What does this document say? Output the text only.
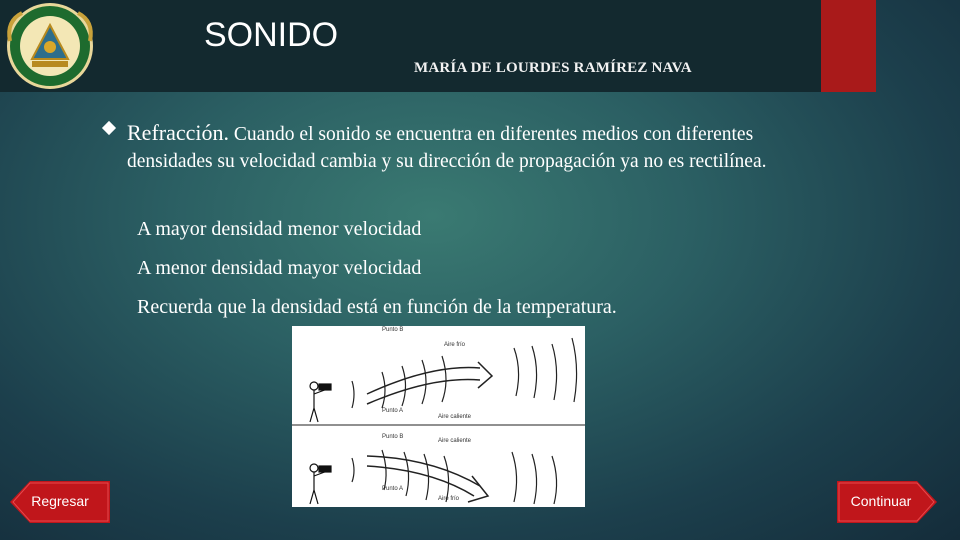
SONIDO
MARÍA DE LOURDES RAMÍREZ NAVA
Refracción. Cuando el sonido se encuentra en diferentes medios con diferentes densidades su velocidad cambia y su dirección de propagación ya no es rectilínea.
A mayor densidad menor velocidad
A menor densidad mayor velocidad
Recuerda que la densidad está en función de la temperatura.
Punto B
Aire frío
Punto A
Aire caliente
Punto B
Aire caliente
Punto A
Aire frío
Regresar	Continuar
